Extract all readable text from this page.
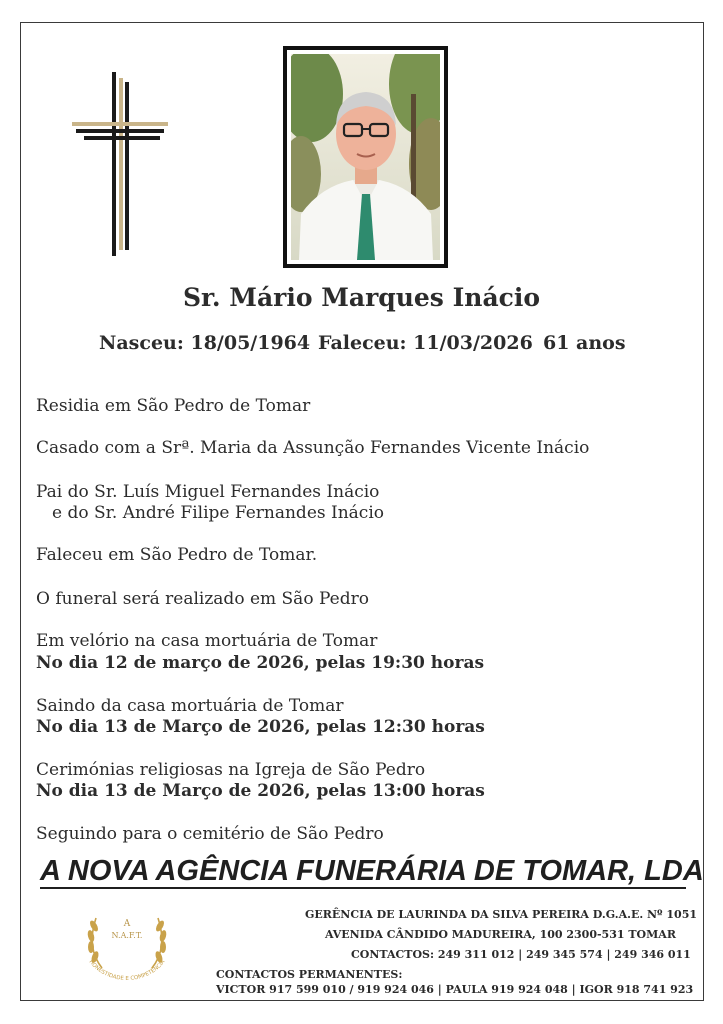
Sr. Mário Marques Inácio
Nasceu: 18/05/1964 Faleceu: 11/03/2026 61 anos
Residia em São Pedro de Tomar
Casado com a Srª. Maria da Assunção Fernandes Vicente Inácio
Pai do Sr. Luís Miguel Fernandes Inácio
e do Sr. André Filipe Fernandes Inácio
Faleceu em São Pedro de Tomar.
O funeral será realizado em São Pedro
Em velório na casa mortuária de Tomar
No dia 12 de março de 2026, pelas 19:30 horas
Saindo da casa mortuária de Tomar
No dia 13 de Março de 2026, pelas 12:30 horas
Cerimónias religiosas na Igreja de São Pedro
No dia 13 de Março de 2026, pelas 13:00 horas
Seguindo para o cemitério de São Pedro
A NOVA AGÊNCIA FUNERÁRIA DE TOMAR, LDA
A
N.A.F.T.
HONESTIDADE E COMPETÊNCIA
GERÊNCIA DE LAURINDA DA SILVA PEREIRA D.G.A.E. Nº 1051
AVENIDA CÂNDIDO MADUREIRA, 100 2300-531 TOMAR
CONTACTOS: 249 311 012 | 249 345 574 | 249 346 011
CONTACTOS PERMANENTES:
VICTOR 917 599 010 / 919 924 046 | PAULA 919 924 048 | IGOR 918 741 923
